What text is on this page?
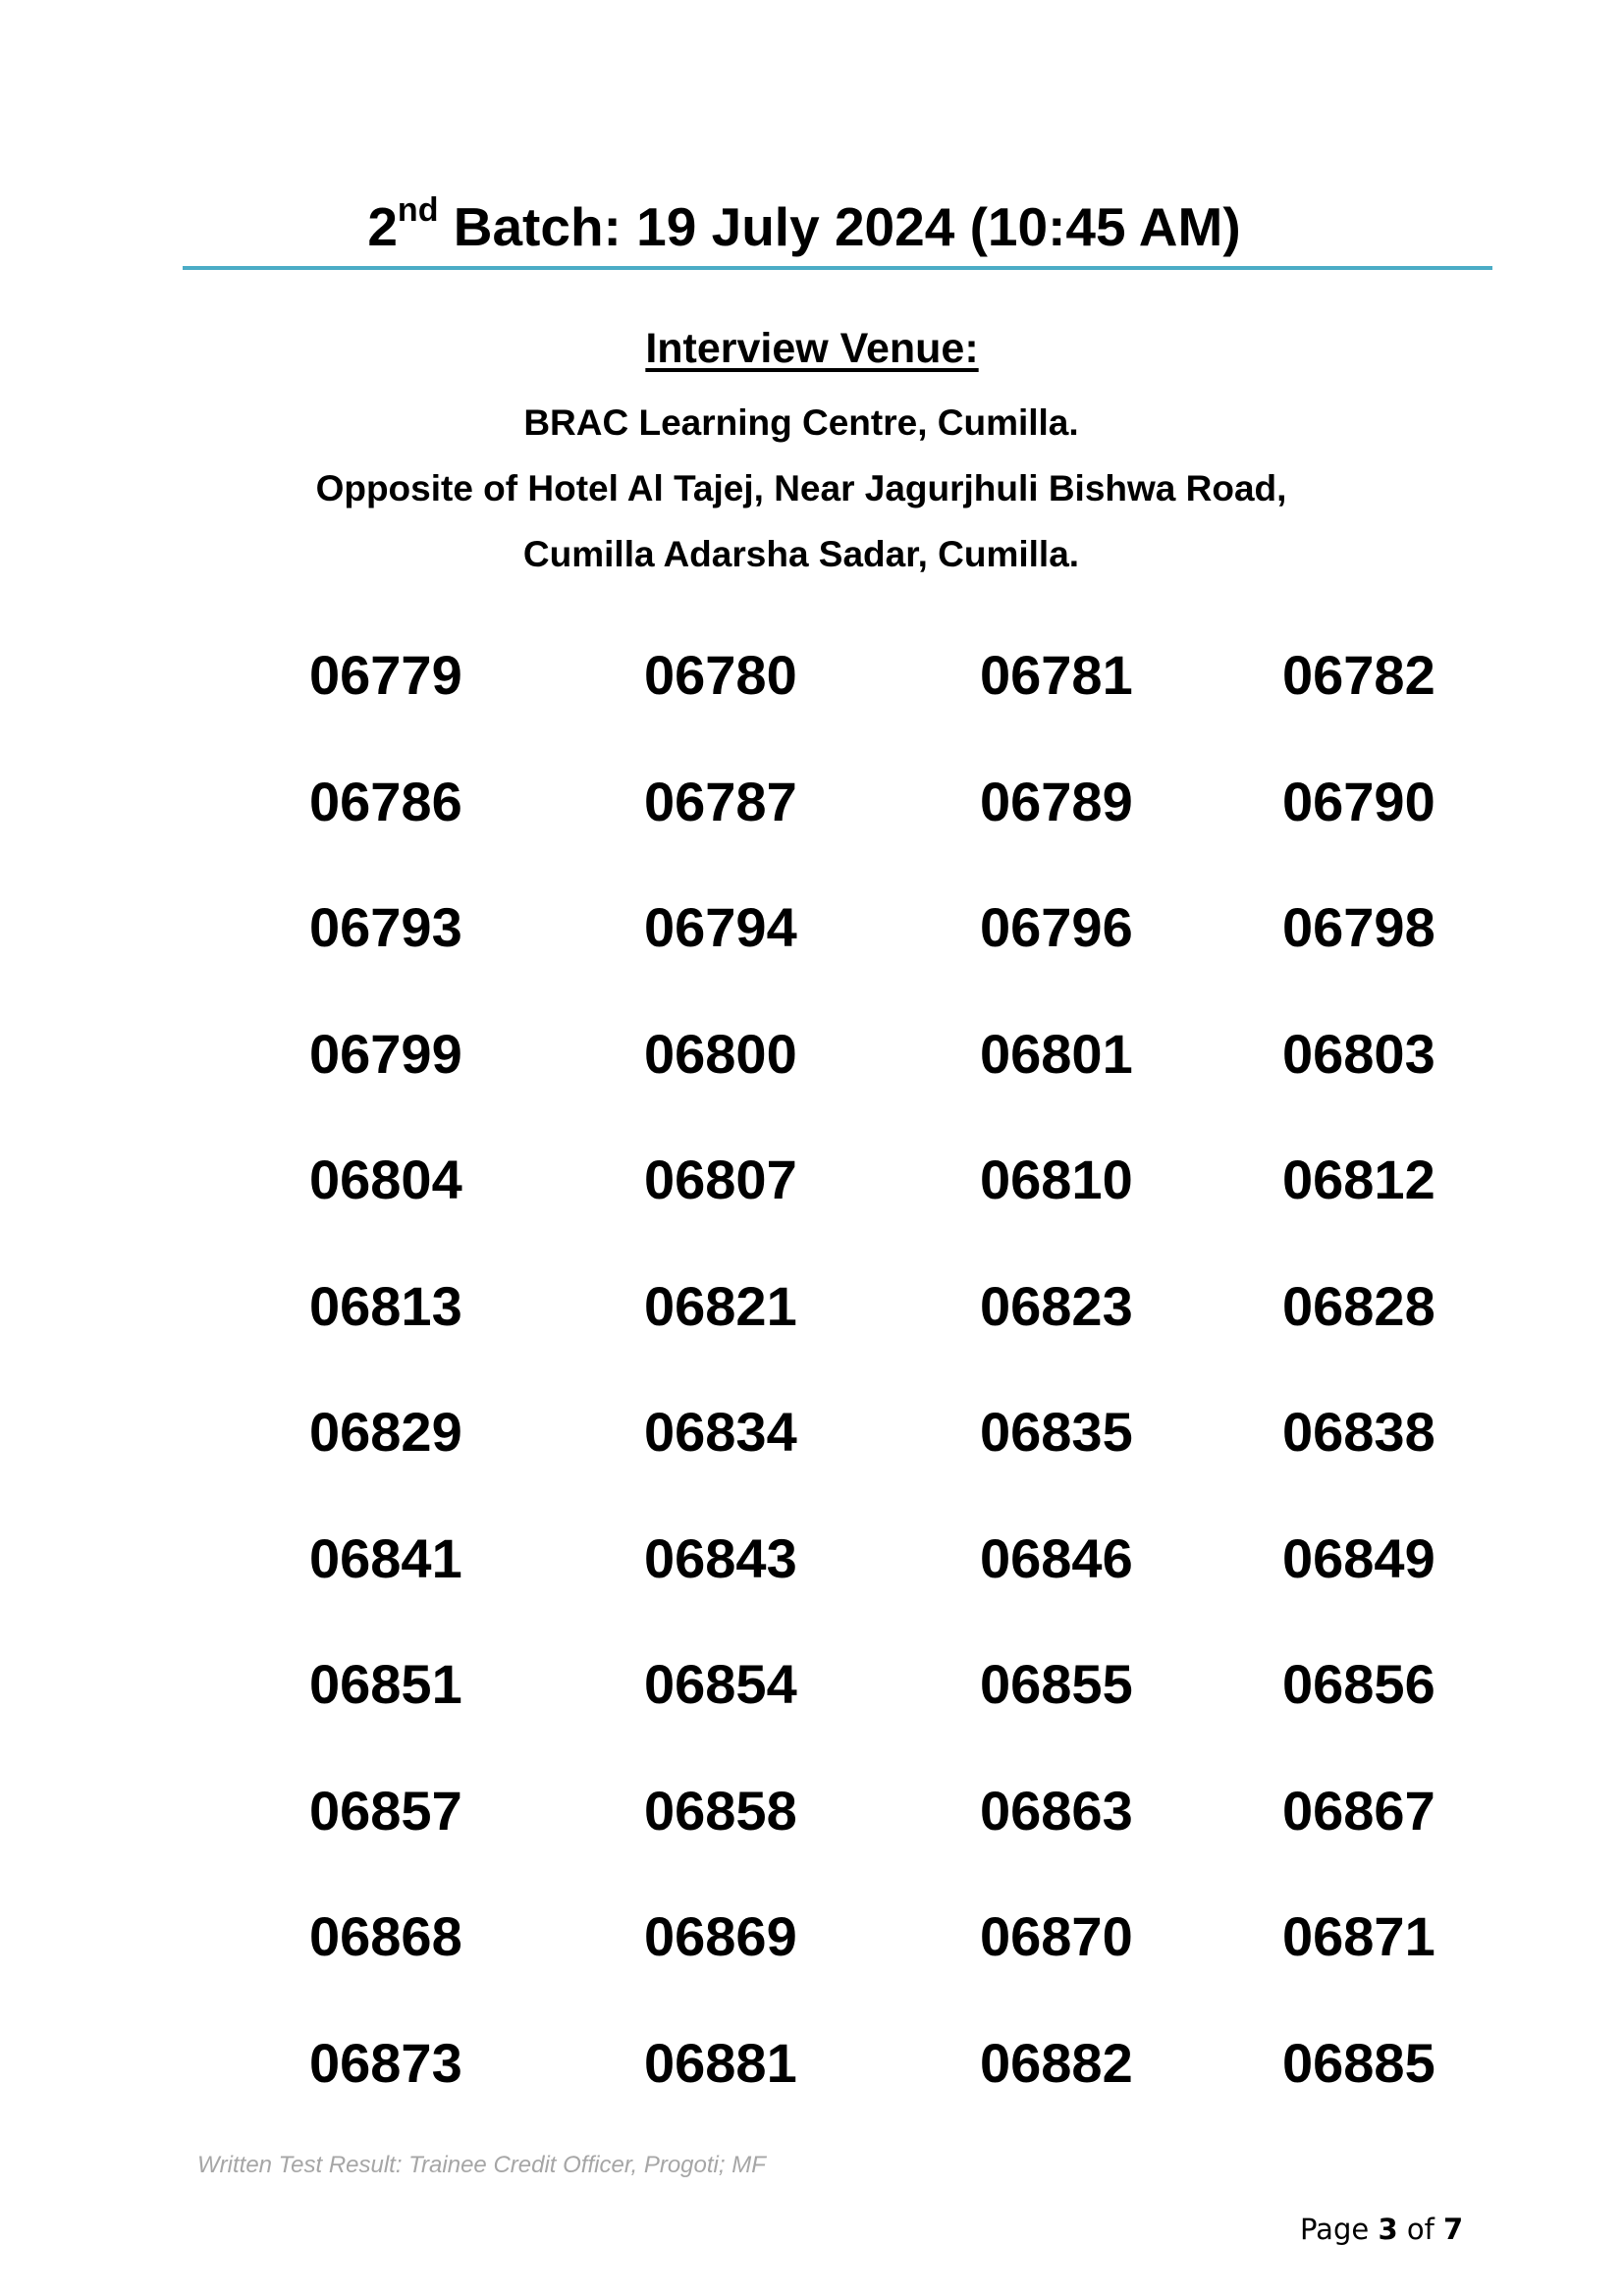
2nd Batch: 19 July 2024 (10:45 AM)
Interview Venue:
BRAC Learning Centre, Cumilla.
Opposite of Hotel Al Tajej, Near Jagurjhuli Bishwa Road,
Cumilla Adarsha Sadar, Cumilla.
06779	06780	06781	06782
06786	06787	06789	06790
06793	06794	06796	06798
06799	06800	06801	06803
06804	06807	06810	06812
06813	06821	06823	06828
06829	06834	06835	06838
06841	06843	06846	06849
06851	06854	06855	06856
06857	06858	06863	06867
06868	06869	06870	06871
06873	06881	06882	06885
Written Test Result: Trainee Credit Officer, Progoti; MF
Page 3 of 7
